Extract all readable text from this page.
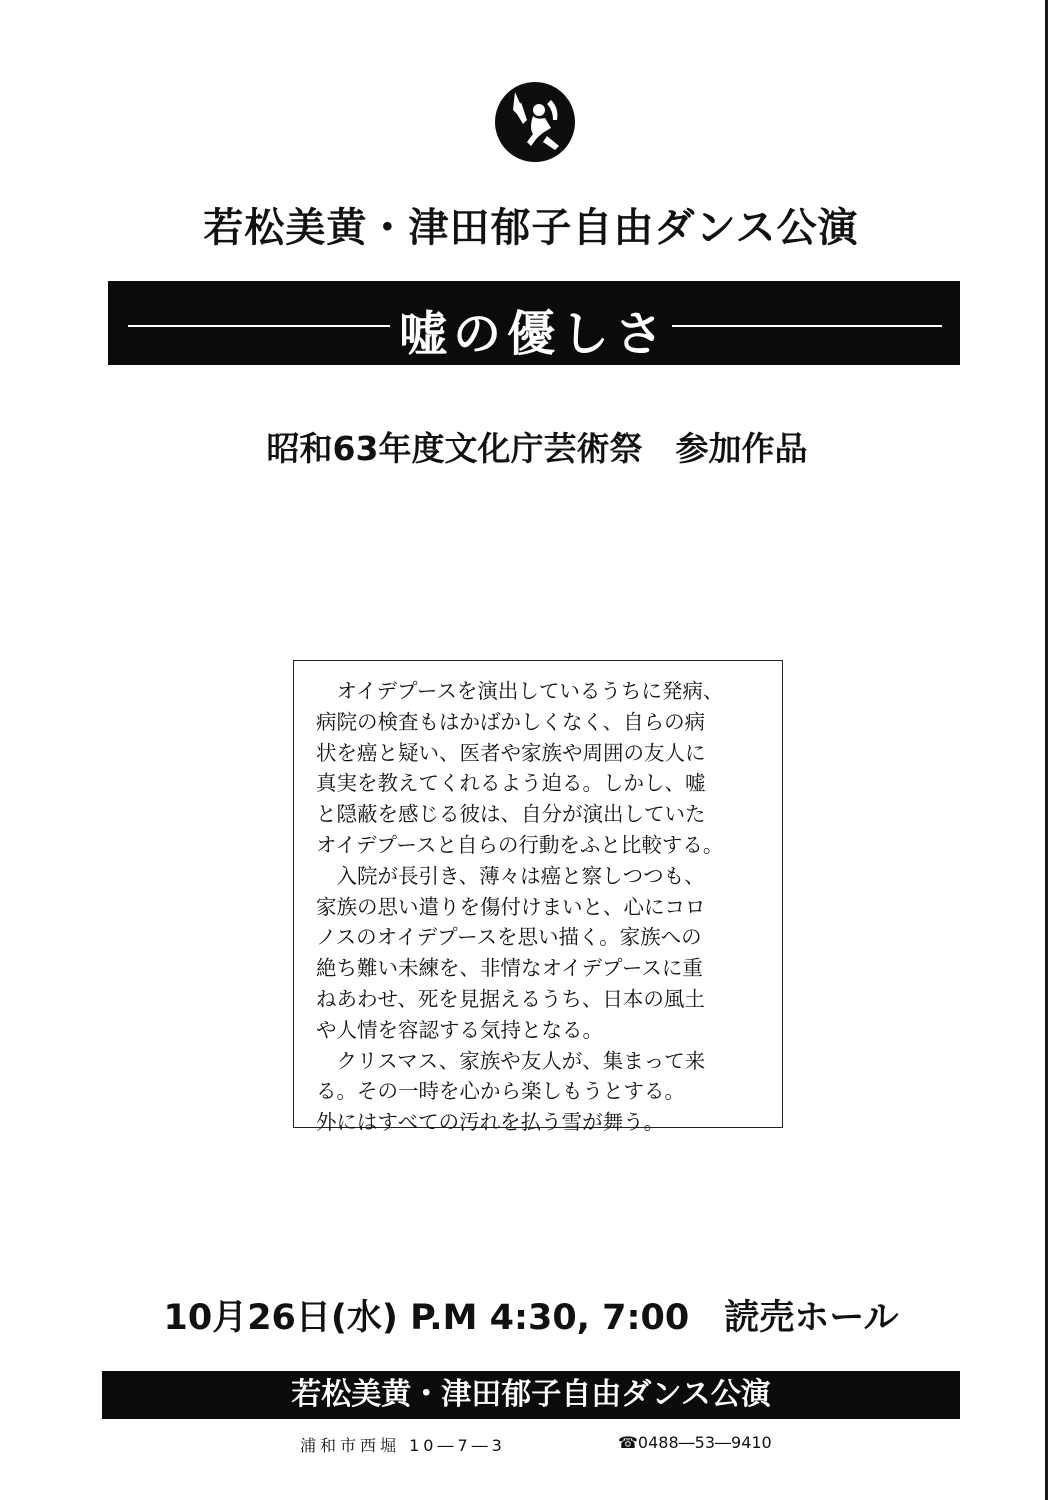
若松美黄・津田郁子自由ダンス公演
嘘の優しさ
昭和63年度文化庁芸術祭　参加作品
　オイデプースを演出しているうちに発病、
病院の検査もはかばかしくなく、自らの病
状を癌と疑い、医者や家族や周囲の友人に
真実を教えてくれるよう迫る。しかし、嘘
と隠蔽を感じる彼は、自分が演出していた
オイデプースと自らの行動をふと比較する。
　入院が長引き、薄々は癌と察しつつも、
家族の思い遣りを傷付けまいと、心にコロ
ノスのオイデプースを思い描く。家族への
絶ち難い未練を、非情なオイデプースに重
ねあわせ、死を見据えるうち、日本の風土
や人情を容認する気持となる。
　クリスマス、家族や友人が、集まって来
る。その一時を心から楽しもうとする。
外にはすべての汚れを払う雪が舞う。
10月26日(水) P.M 4:30, 7:00　読売ホール
若松美黄・津田郁子自由ダンス公演
浦和市西堀 10―7―3	☎0488―53―9410
